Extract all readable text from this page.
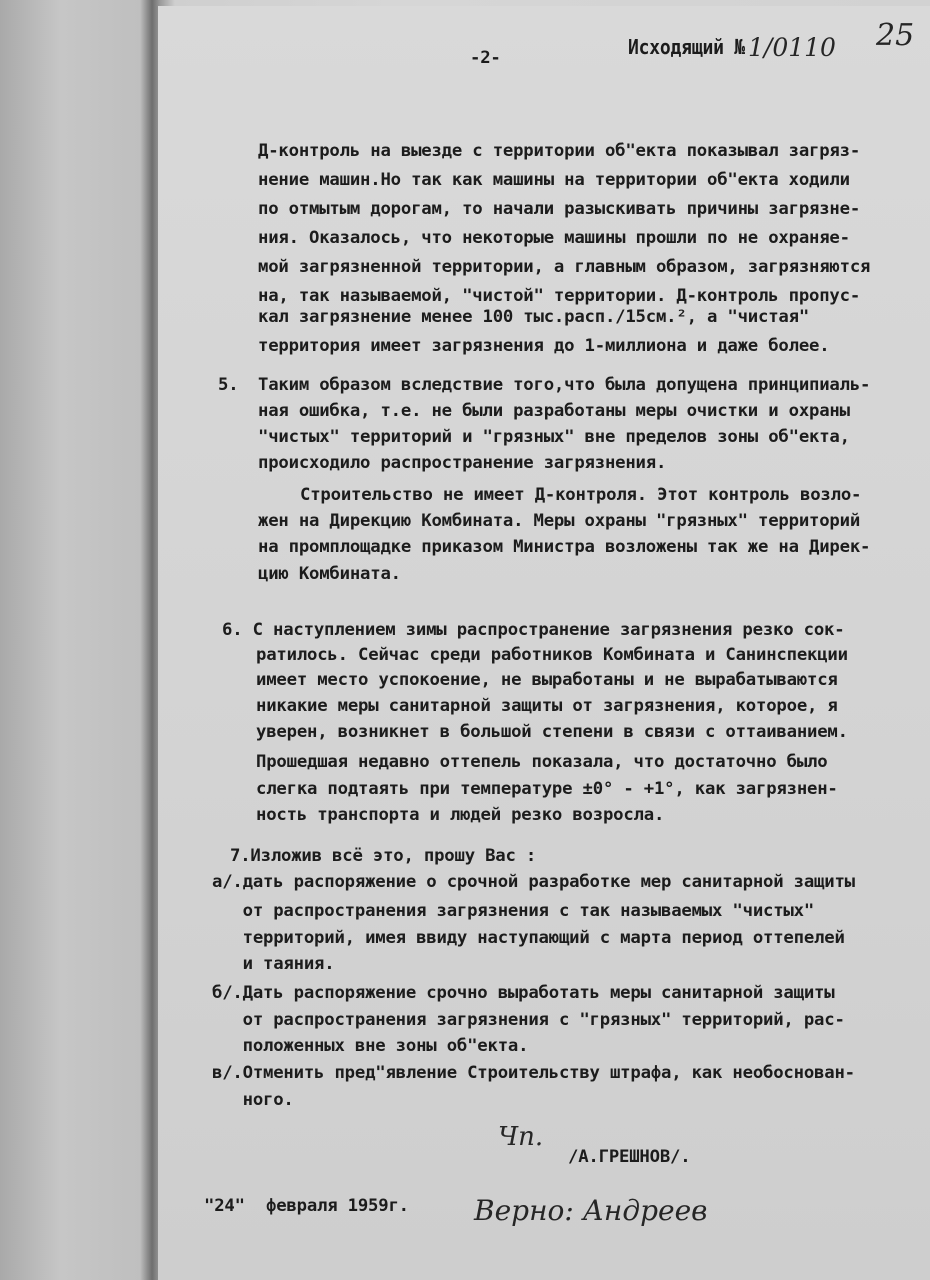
-2-	Исходящий № 1/0110 25
Д-контроль на выезде с территории об"екта показывал загряз-
нение машин.Но так как машины на территории об"екта ходили
по отмытым дорогам, то начали разыскивать причины загрязне-
ния. Оказалось, что некоторые машины прошли по не охраняе-
мой загрязненной территории, а главным образом, загрязняются
на, так называемой, "чистой" территории. Д-контроль пропус-
кал загрязнение менее 100 тыс.расп./15см.², а "чистая"
территория имеет загрязнения до 1-миллиона и даже более.
5. Таким образом вследствие того,что была допущена принципиаль-
ная ошибка, т.е. не были разработаны меры очистки и охраны
"чистых" территорий и "грязных" вне пределов зоны об"екта,
происходило распространение загрязнения.
Строительство не имеет Д-контроля. Этот контроль возло-
жен на Дирекцию Комбината. Меры охраны "грязных" территорий
на промплощадке приказом Министра возложены так же на Дирек-
цию Комбината.
6. С наступлением зимы распространение загрязнения резко сок-
ратилось. Сейчас среди работников Комбината и Санинспекции
имеет место успокоение, не выработаны и не вырабатываются
никакие меры санитарной защиты от загрязнения, которое, я
уверен, возникнет в большой степени в связи с оттаиванием.
Прошедшая недавно оттепель показала, что достаточно было
слегка подтаять при температуре ±0° - +1°, как загрязнен-
ность транспорта и людей резко возросла.
7.Изложив всё это, прошу Вас :
а/.дать распоряжение о срочной разработке мер санитарной защиты
от распространения загрязнения с так называемых "чистых"
территорий, имея ввиду наступающий с марта период оттепелей
и таяния.
б/.Дать распоряжение срочно выработать меры санитарной защиты
от распространения загрязнения с "грязных" территорий, рас-
положенных вне зоны об"екта.
в/.Отменить пред"явление Строительству штрафа, как необоснован-
ного.
Чп.
/А.ГРЕШНОВ/.
"24" февраля 1959г. Верно: Андреев
